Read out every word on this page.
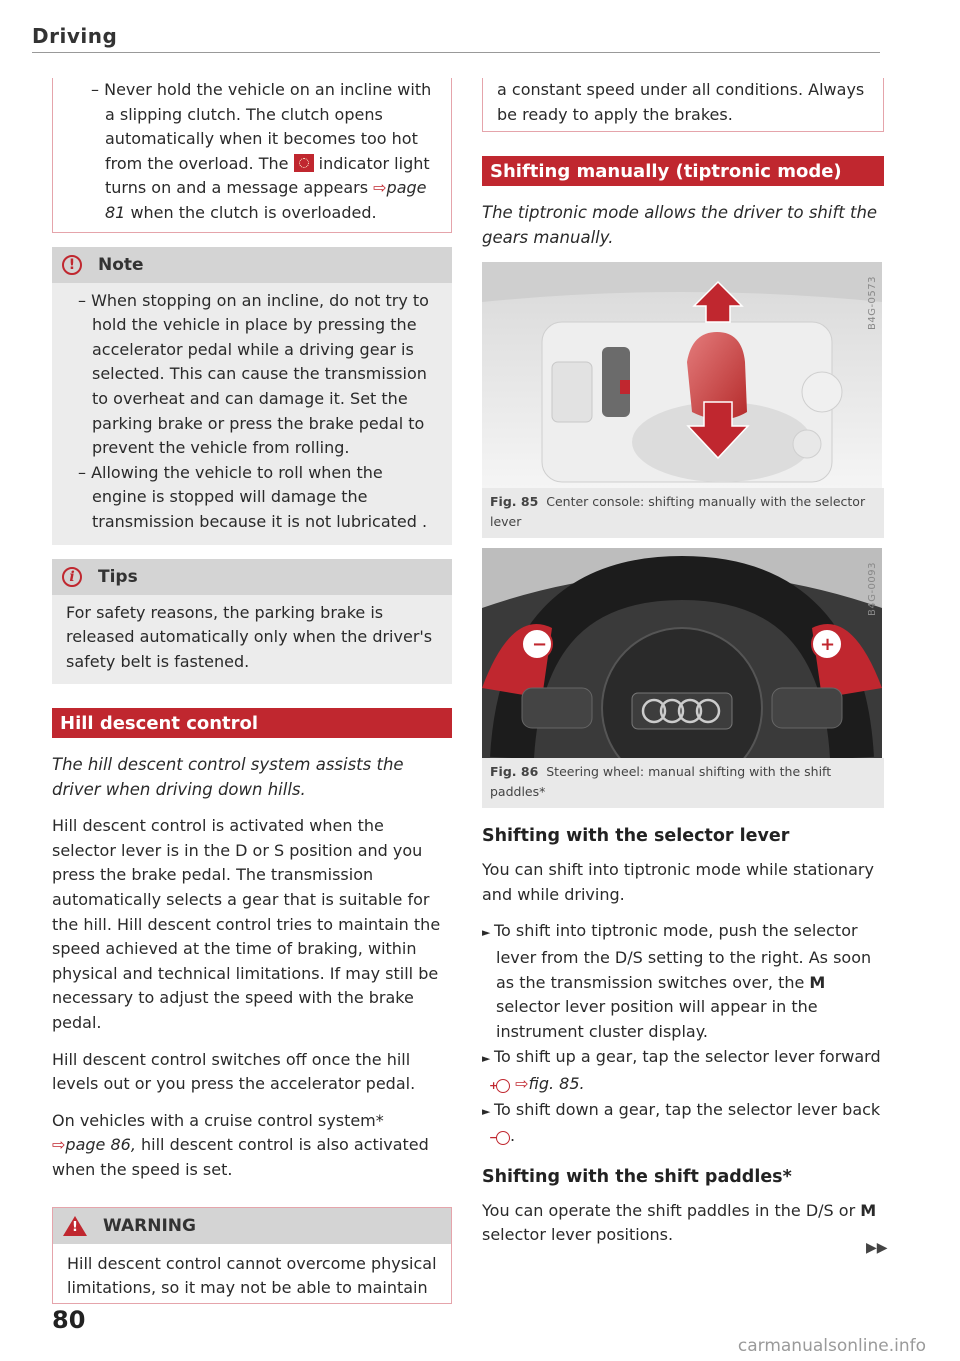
Driving
– Never hold the vehicle on an incline with a slipping clutch. The clutch opens automatically when it becomes too hot from the overload. The indicator light turns on and a message appears ⇨page 81 when the clutch is overloaded.
!	Note
– When stopping on an incline, do not try to hold the vehicle in place by pressing the accelerator pedal while a driving gear is selected. This can cause the transmission to overheat and can damage it. Set the parking brake or press the brake pedal to prevent the vehicle from rolling.
– Allowing the vehicle to roll when the engine is stopped will damage the transmission because it is not lubricated .
i	Tips

For safety reasons, the parking brake is released automatically only when the driver's safety belt is fastened.

Hill descent control

The hill descent control system assists the driver when driving down hills.

Hill descent control is activated when the selector lever is in the D or S position and you press the brake pedal. The transmission automatically selects a gear that is suitable for the hill. Hill descent control tries to maintain the speed achieved at the time of braking, within physical and technical limitations. If may still be necessary to adjust the speed with the brake pedal.

Hill descent control switches off once the hill levels out or you press the accelerator pedal.

On vehicles with a cruise control system*
⇨page 86, hill descent control is also activated when the speed is set.

!
WARNING

Hill descent control cannot overcome physical limitations, so it may not be able to maintain

a constant speed under all conditions. Always be ready to apply the brakes.

Shifting manually (tiptronic mode)

The tiptronic mode allows the driver to shift the gears manually.

B4G-0573
Fig. 85 Center console: shifting manually with the selector lever
−	+
B4G-0093
Fig. 86 Steering wheel: manual shifting with the shift paddles*
Shifting with the selector lever

You can shift into tiptronic mode while stationary and while driving.

► To shift into tiptronic mode, push the selector lever from the D/S setting to the right. As soon as the transmission switches over, the M selector lever position will appear in the instrument cluster display.
► To shift up a gear, tap the selector lever forward + ⇨fig. 85.
► To shift down a gear, tap the selector lever back
− .
Shifting with the shift paddles*

You can operate the shift paddles in the D/S or M selector lever positions.

▶▶
80
carmanualsonline.info
